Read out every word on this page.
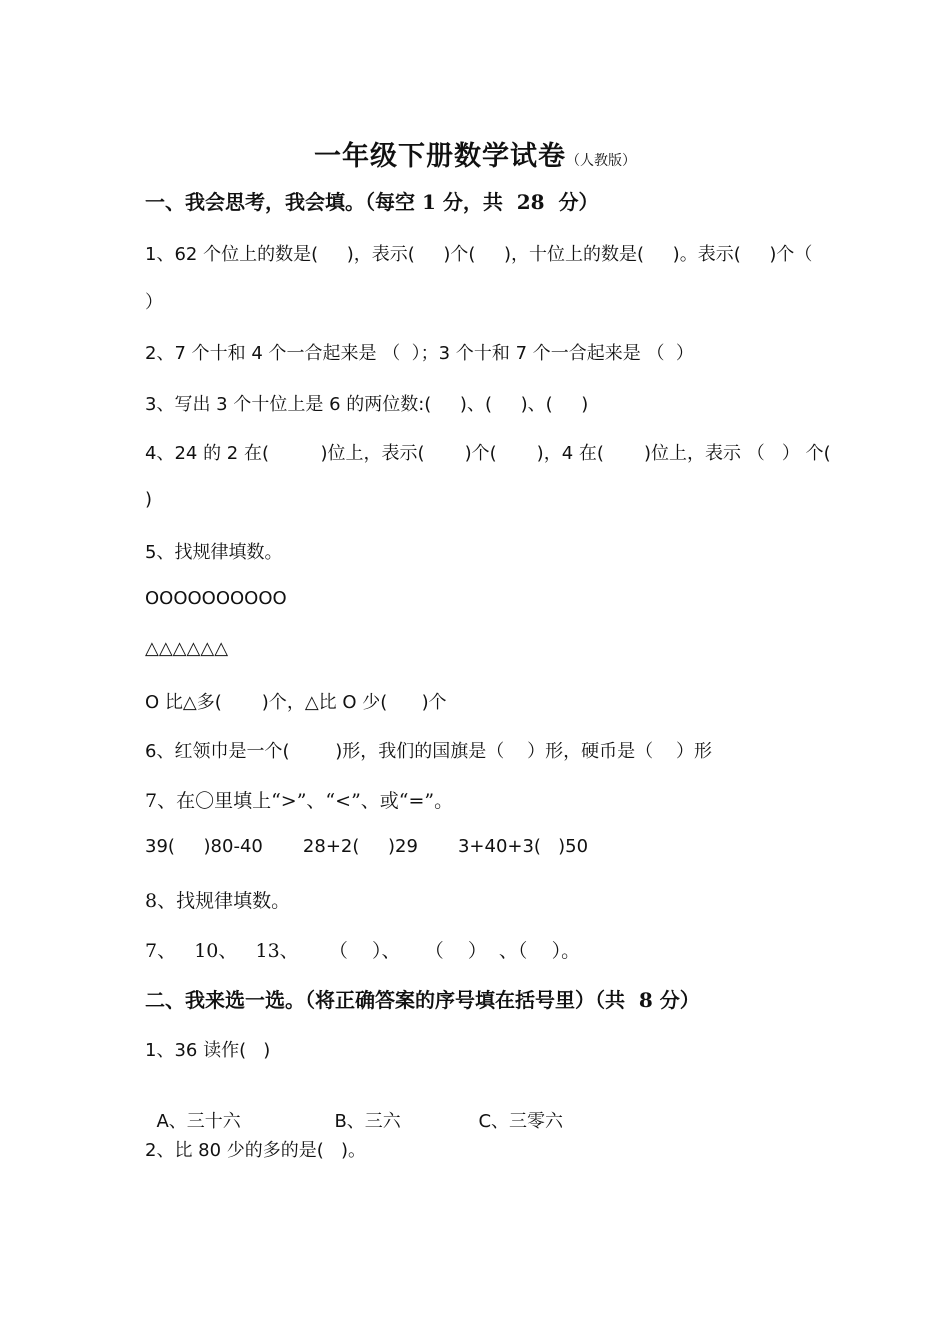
一年级下册数学试卷（人教版）
一、我会思考，我会填。（每空 1 分，共  28  分）
1、62 个位上的数是(     )，表示(     )个(     )，十位上的数是(     )。表示(     )个（
）
2、7 个十和 4 个一合起来是 （  ）；3 个十和 7 个一合起来是 （  ）
3、写出 3 个十位上是 6 的两位数:(     )、(     )、(     )
4、24 的 2 在(         )位上，表示(       )个(       )，4 在(       )位上，表示 （   ） 个(
)
5、找规律填数。
OOOOOOOOOO
△△△△△△
O 比△多(       )个，△比 O 少(      )个
6、红领巾是一个(        )形，我们的国旗是（    ）形，硬币是（    ）形
7、在〇里填上“>”、“<”、或“=”。
39(     )80-40       28+2(     )29       3+40+3(   )50
8、找规律填数。
7、   10、   13、     （    ）、    （    ）  、（    ）。
二、我来选一选。（将正确答案的序号填在括号里）（共  8 分）
1、36 读作(   )

A、三十六	B、三六	C、三零六

2、比 80 少的多的是(   )。
